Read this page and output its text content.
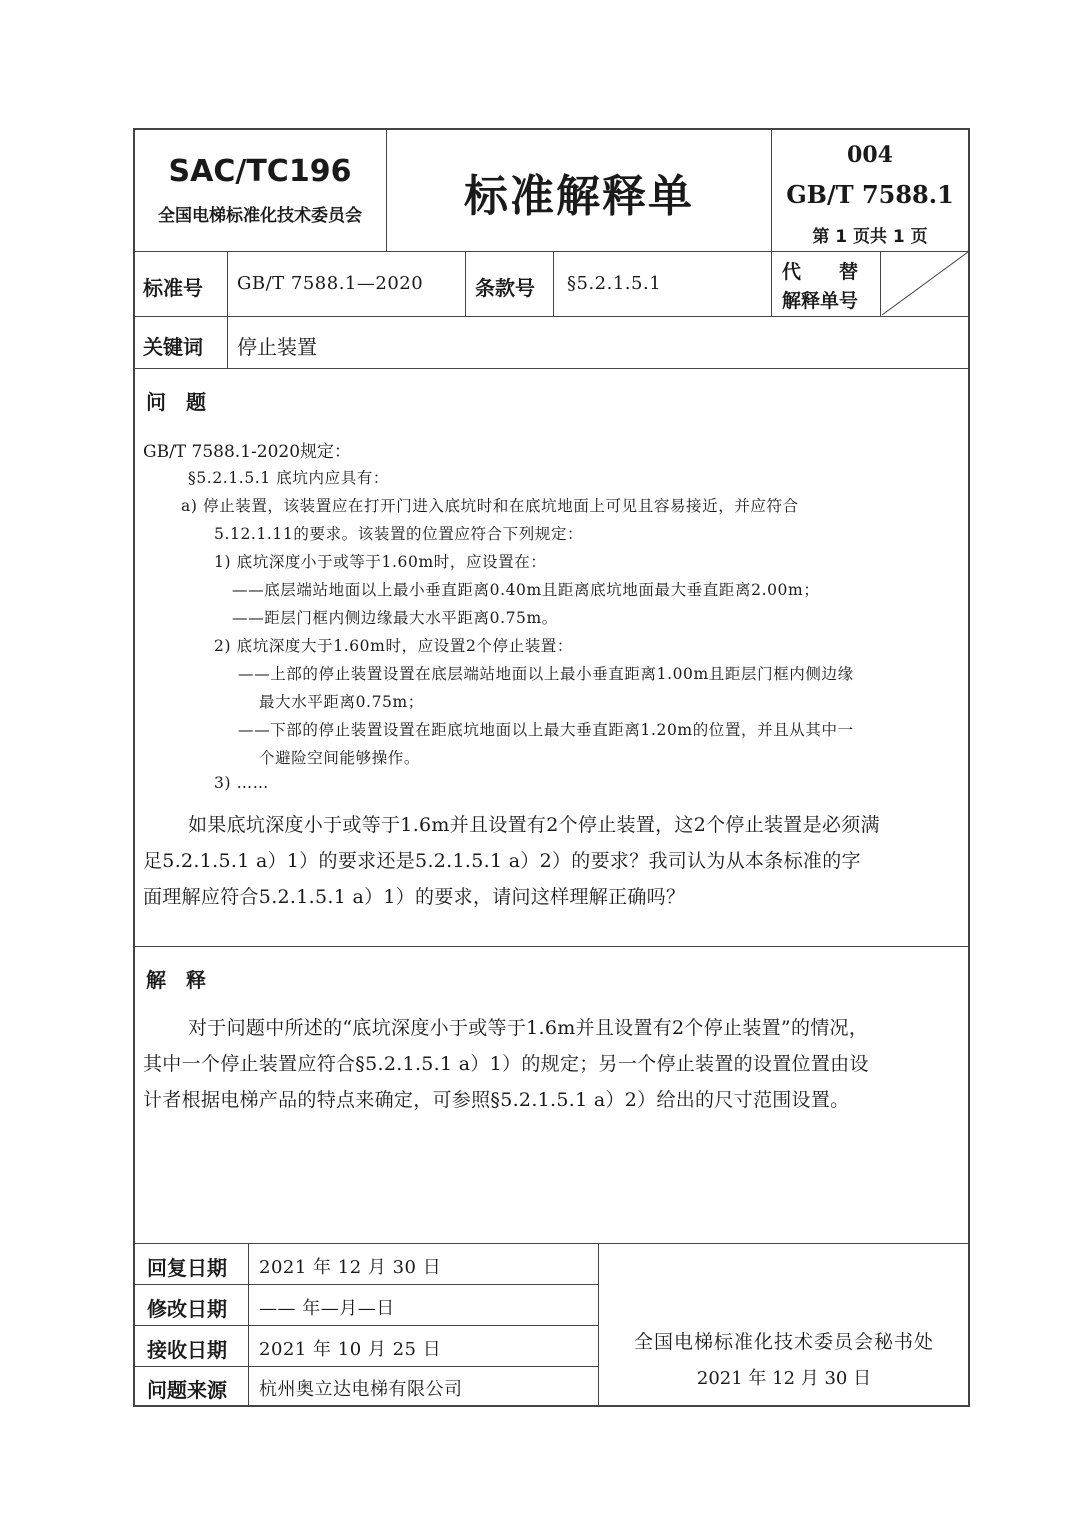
SAC/TC196
全国电梯标准化技术委员会	标准解释单
004
GB/T 7588.1
第 1 页共 1 页
标准号 GB/T 7588.1—2020	条款号 §5.2.1.5.1
代　　替
解释单号
关键词 停止装置
问　题
GB/T 7588.1-2020规定：
§5.2.1.5.1 底坑内应具有：
a) 停止装置，该装置应在打开门进入底坑时和在底坑地面上可见且容易接近，并应符合
5.12.1.11的要求。该装置的位置应符合下列规定：
1) 底坑深度小于或等于1.60m时，应设置在：
——底层端站地面以上最小垂直距离0.40m且距离底坑地面最大垂直距离2.00m；
——距层门框内侧边缘最大水平距离0.75m。
2) 底坑深度大于1.60m时，应设置2个停止装置：
——上部的停止装置设置在底层端站地面以上最小垂直距离1.00m且距层门框内侧边缘
最大水平距离0.75m；
——下部的停止装置设置在距底坑地面以上最大垂直距离1.20m的位置，并且从其中一
个避险空间能够操作。
3) ……
如果底坑深度小于或等于1.6m并且设置有2个停止装置，这2个停止装置是必须满
足5.2.1.5.1 a）1）的要求还是5.2.1.5.1 a）2）的要求？我司认为从本条标准的字
面理解应符合5.2.1.5.1 a）1）的要求，请问这样理解正确吗？
解　释
对于问题中所述的“底坑深度小于或等于1.6m并且设置有2个停止装置”的情况，
其中一个停止装置应符合§5.2.1.5.1 a）1）的规定；另一个停止装置的设置位置由设
计者根据电梯产品的特点来确定，可参照§5.2.1.5.1 a）2）给出的尺寸范围设置。
回复日期 2021 年 12 月 30 日
修改日期 —— 年—月—日
接收日期 2021 年 10 月 25 日
问题来源 杭州奥立达电梯有限公司
全国电梯标准化技术委员会秘书处
2021 年 12 月 30 日
